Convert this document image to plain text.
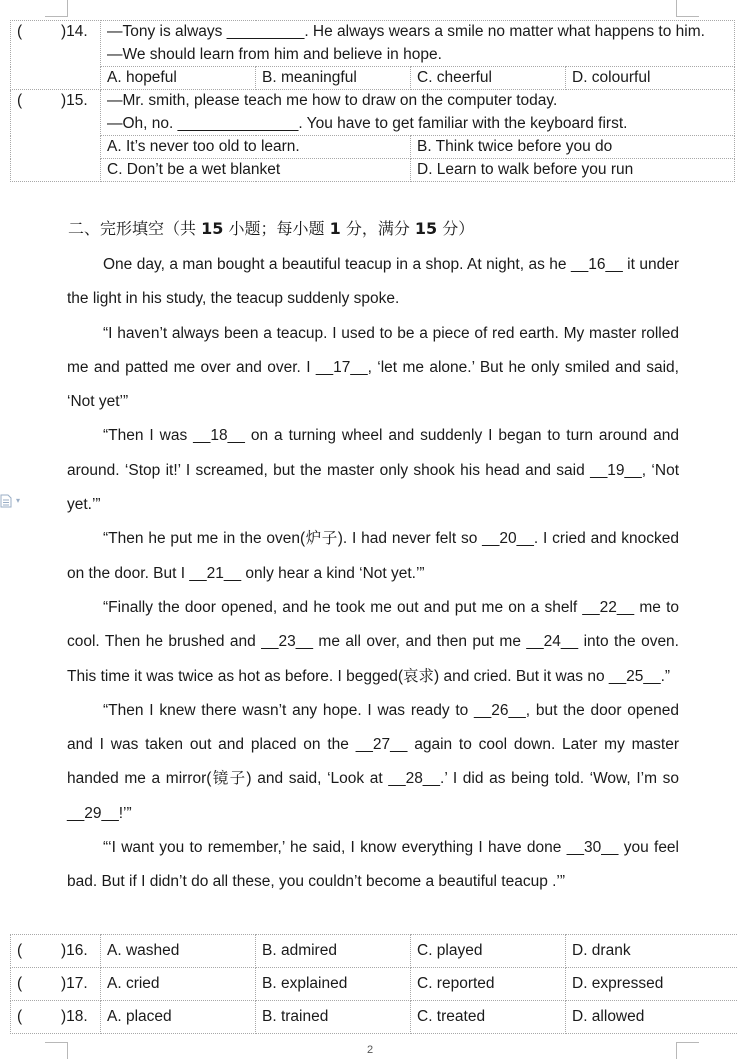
( )14.	—Tony is always _________. He always wears a smile no matter what happens to him.
—We should learn from him and believe in hope.			

	A. hopeful	B. meaningful	C. cheerful	D. colourful
( )15.	—Mr. smith, please teach me how to draw on the computer today.
—Oh, no. ______________. You have to get familiar with the keyboard first.			

	A. It’s never too old to learn.		B. Think twice before you do	
	C. Don’t be a wet blanket		D. Learn to walk before you run	
二、完形填空（共 15 小题；每小题 1 分，满分 15 分）

One day, a man bought a beautiful teacup in a shop. At night, as he __16__ it under the light in his study, the teacup suddenly spoke.

“I haven’t always been a teacup. I used to be a piece of red earth. My master rolled me and patted me over and over. I __17__, ‘let me alone.’ But he only smiled and said, ‘Not yet’”

“Then I was __18__ on a turning wheel and suddenly I began to turn around and around. ‘Stop it!’ I screamed, but the master only shook his head and said __19__, ‘Not yet.’”

“Then he put me in the oven(炉子). I had never felt so __20__. I cried and knocked on the door. But I __21__ only hear a kind ‘Not yet.’”

“Finally the door opened, and he took me out and put me on a shelf __22__ me to cool. Then he brushed and __23__ me all over, and then put me __24__ into the oven. This time it was twice as hot as before. I begged(哀求) and cried. But it was no __25__.”

“Then I knew there wasn’t any hope. I was ready to __26__, but the door opened and I was taken out and placed on the __27__ again to cool down. Later my master handed me a mirror(镜子) and said, ‘Look at __28__.’ I did as being told. ‘Wow, I’m so __29__!’”

“‘I want you to remember,’ he said, I know everything I have done __30__ you feel bad. But if I didn’t do all these, you couldn’t become a beautiful teacup .’”

▾
( )16.	A. washed	B. admired	C. played	D. drank
( )17.	A. cried	B. explained	C. reported	D. expressed
( )18.	A. placed	B. trained	C. treated	D. allowed
2
